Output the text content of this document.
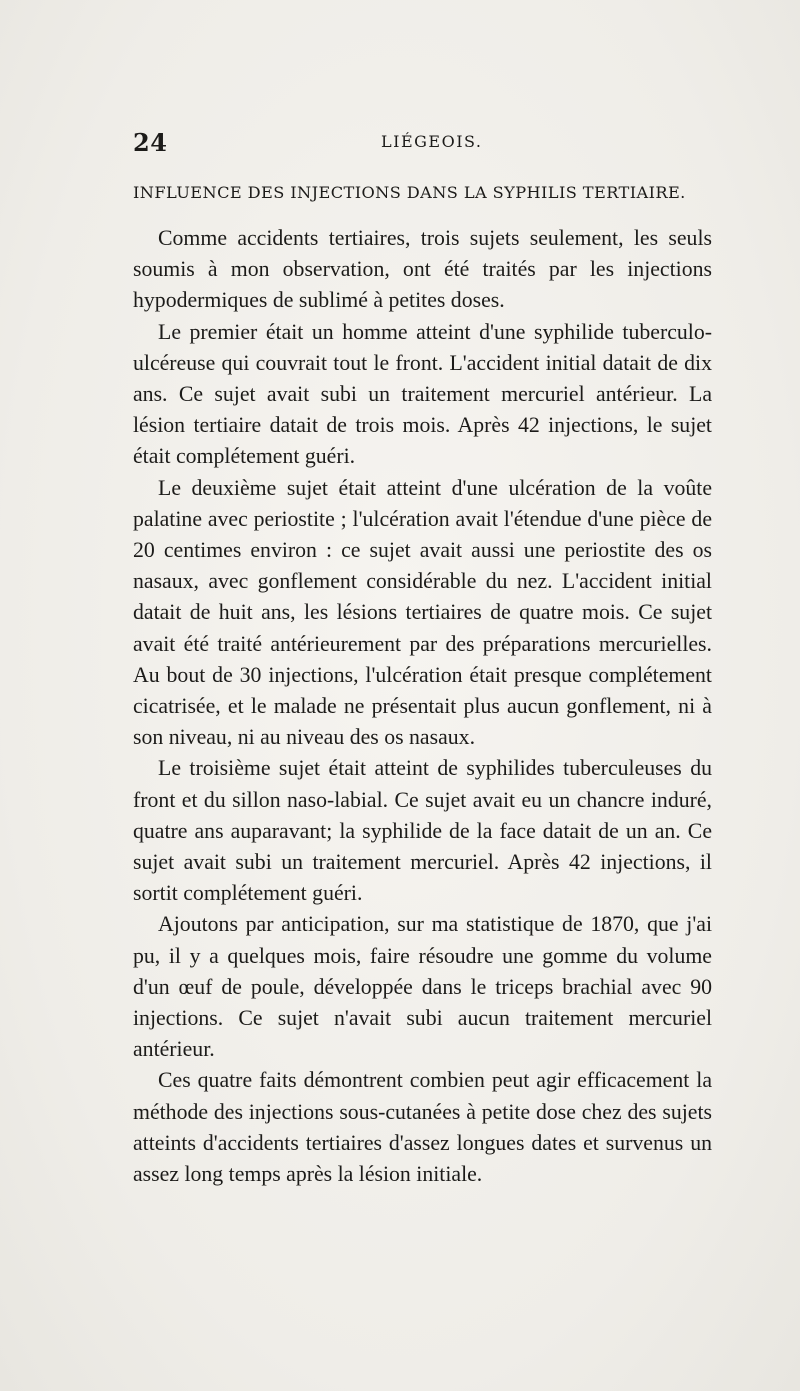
24	LIÉGEOIS.
INFLUENCE DES INJECTIONS DANS LA SYPHILIS TERTIAIRE.

Comme accidents tertiaires, trois sujets seulement, les seuls soumis à mon observation, ont été traités par les injections hypodermiques de sublimé à petites doses.

Le premier était un homme atteint d'une syphilide tuberculo-ulcéreuse qui couvrait tout le front. L'accident initial datait de dix ans. Ce sujet avait subi un traitement mercuriel antérieur. La lésion tertiaire datait de trois mois. Après 42 injections, le sujet était complétement guéri.

Le deuxième sujet était atteint d'une ulcération de la voûte palatine avec periostite ; l'ulcération avait l'étendue d'une pièce de 20 centimes environ : ce sujet avait aussi une periostite des os nasaux, avec gonflement considérable du nez. L'accident initial datait de huit ans, les lésions tertiaires de quatre mois. Ce sujet avait été traité antérieurement par des préparations mercurielles. Au bout de 30 injections, l'ulcération était presque complétement cicatrisée, et le malade ne présentait plus aucun gonflement, ni à son niveau, ni au niveau des os nasaux.

Le troisième sujet était atteint de syphilides tuberculeuses du front et du sillon naso-labial. Ce sujet avait eu un chancre induré, quatre ans auparavant; la syphilide de la face datait de un an. Ce sujet avait subi un traitement mercuriel. Après 42 injections, il sortit complétement guéri.

Ajoutons par anticipation, sur ma statistique de 1870, que j'ai pu, il y a quelques mois, faire résoudre une gomme du volume d'un œuf de poule, développée dans le triceps brachial avec 90 injections. Ce sujet n'avait subi aucun traitement mercuriel antérieur.

Ces quatre faits démontrent combien peut agir efficacement la méthode des injections sous-cutanées à petite dose chez des sujets atteints d'accidents tertiaires d'assez longues dates et survenus un assez long temps après la lésion initiale.
